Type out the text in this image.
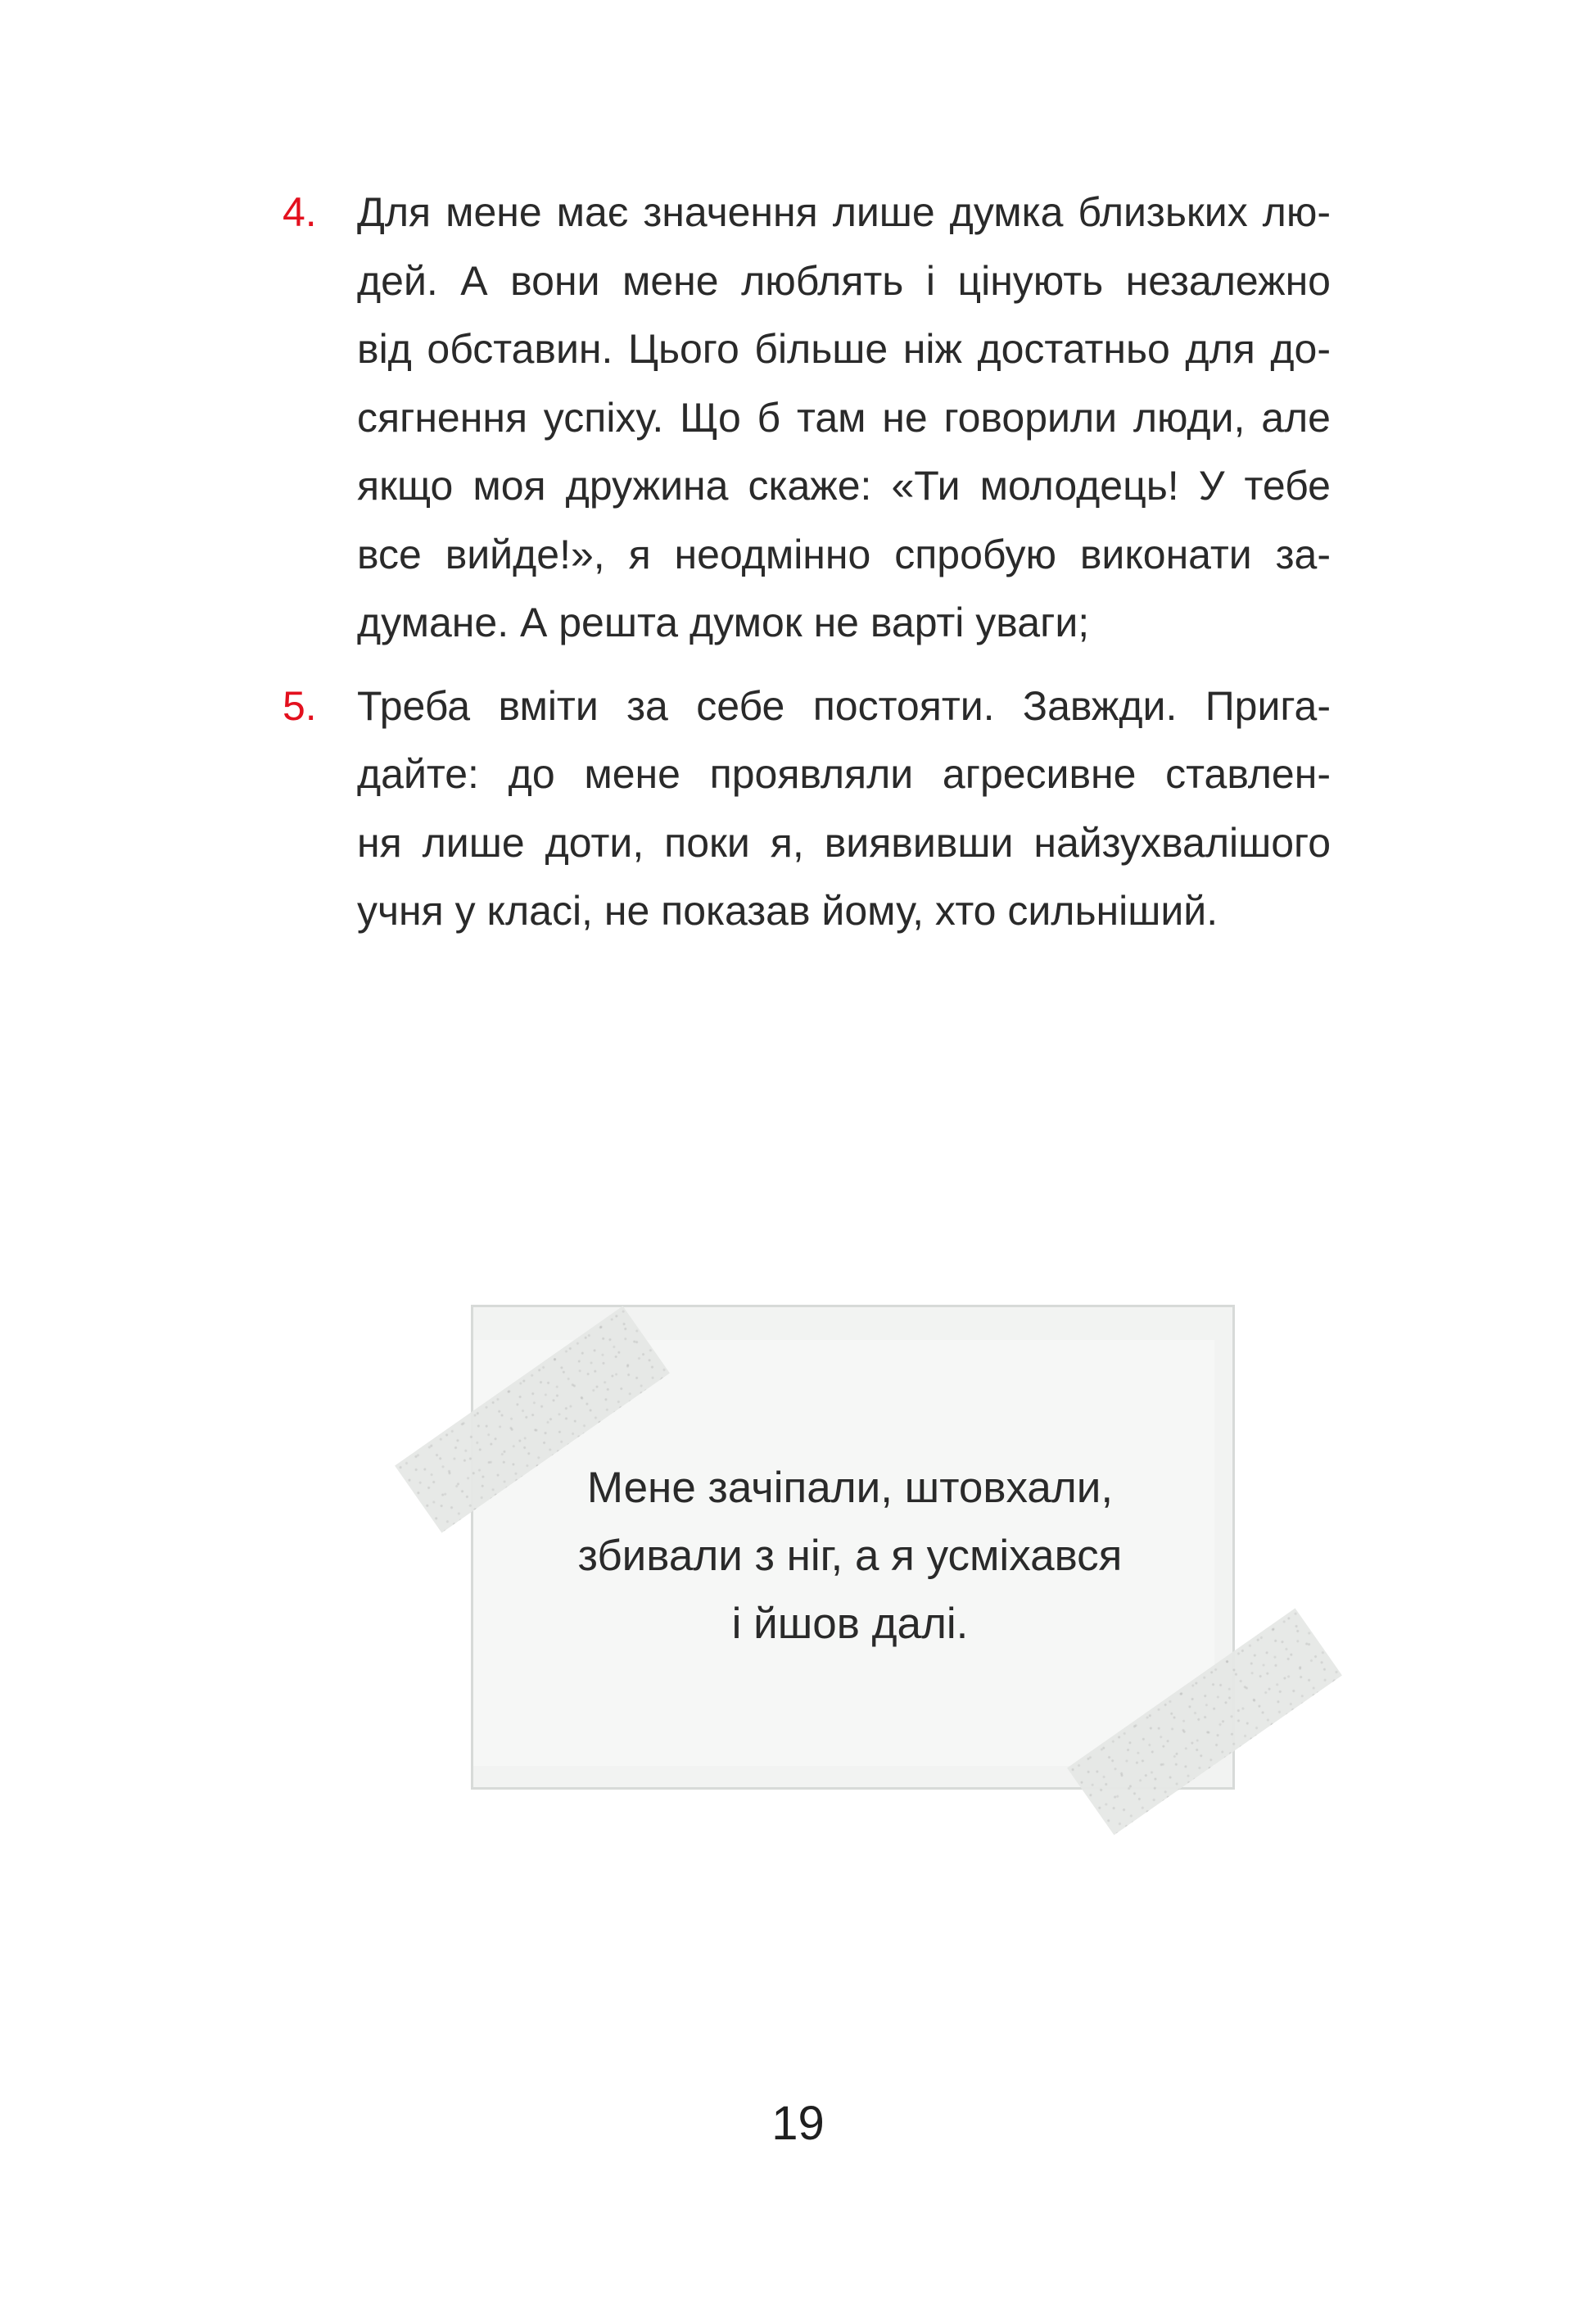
4. Для мене має значення лише думка близьких лю-
дей. А вони мене люблять і цінують незалежно
від обставин. Цього більше ніж достатньо для до-
сягнення успіху. Що б там не говорили люди, але
якщо моя дружина скаже: «Ти молодець! У тебе
все вийде!», я неодмінно спробую виконати за-
думане. А решта думок не варті уваги;
5. Треба вміти за себе постояти. Завжди. Прига-
дайте: до мене проявляли агресивне ставлен-
ня лише доти, поки я, виявивши найзухвалішого
учня у класі, не показав йому, хто сильніший.
Мене зачіпали, штовхали,
збивали з ніг, а я усміхався
і йшов далі.
19
